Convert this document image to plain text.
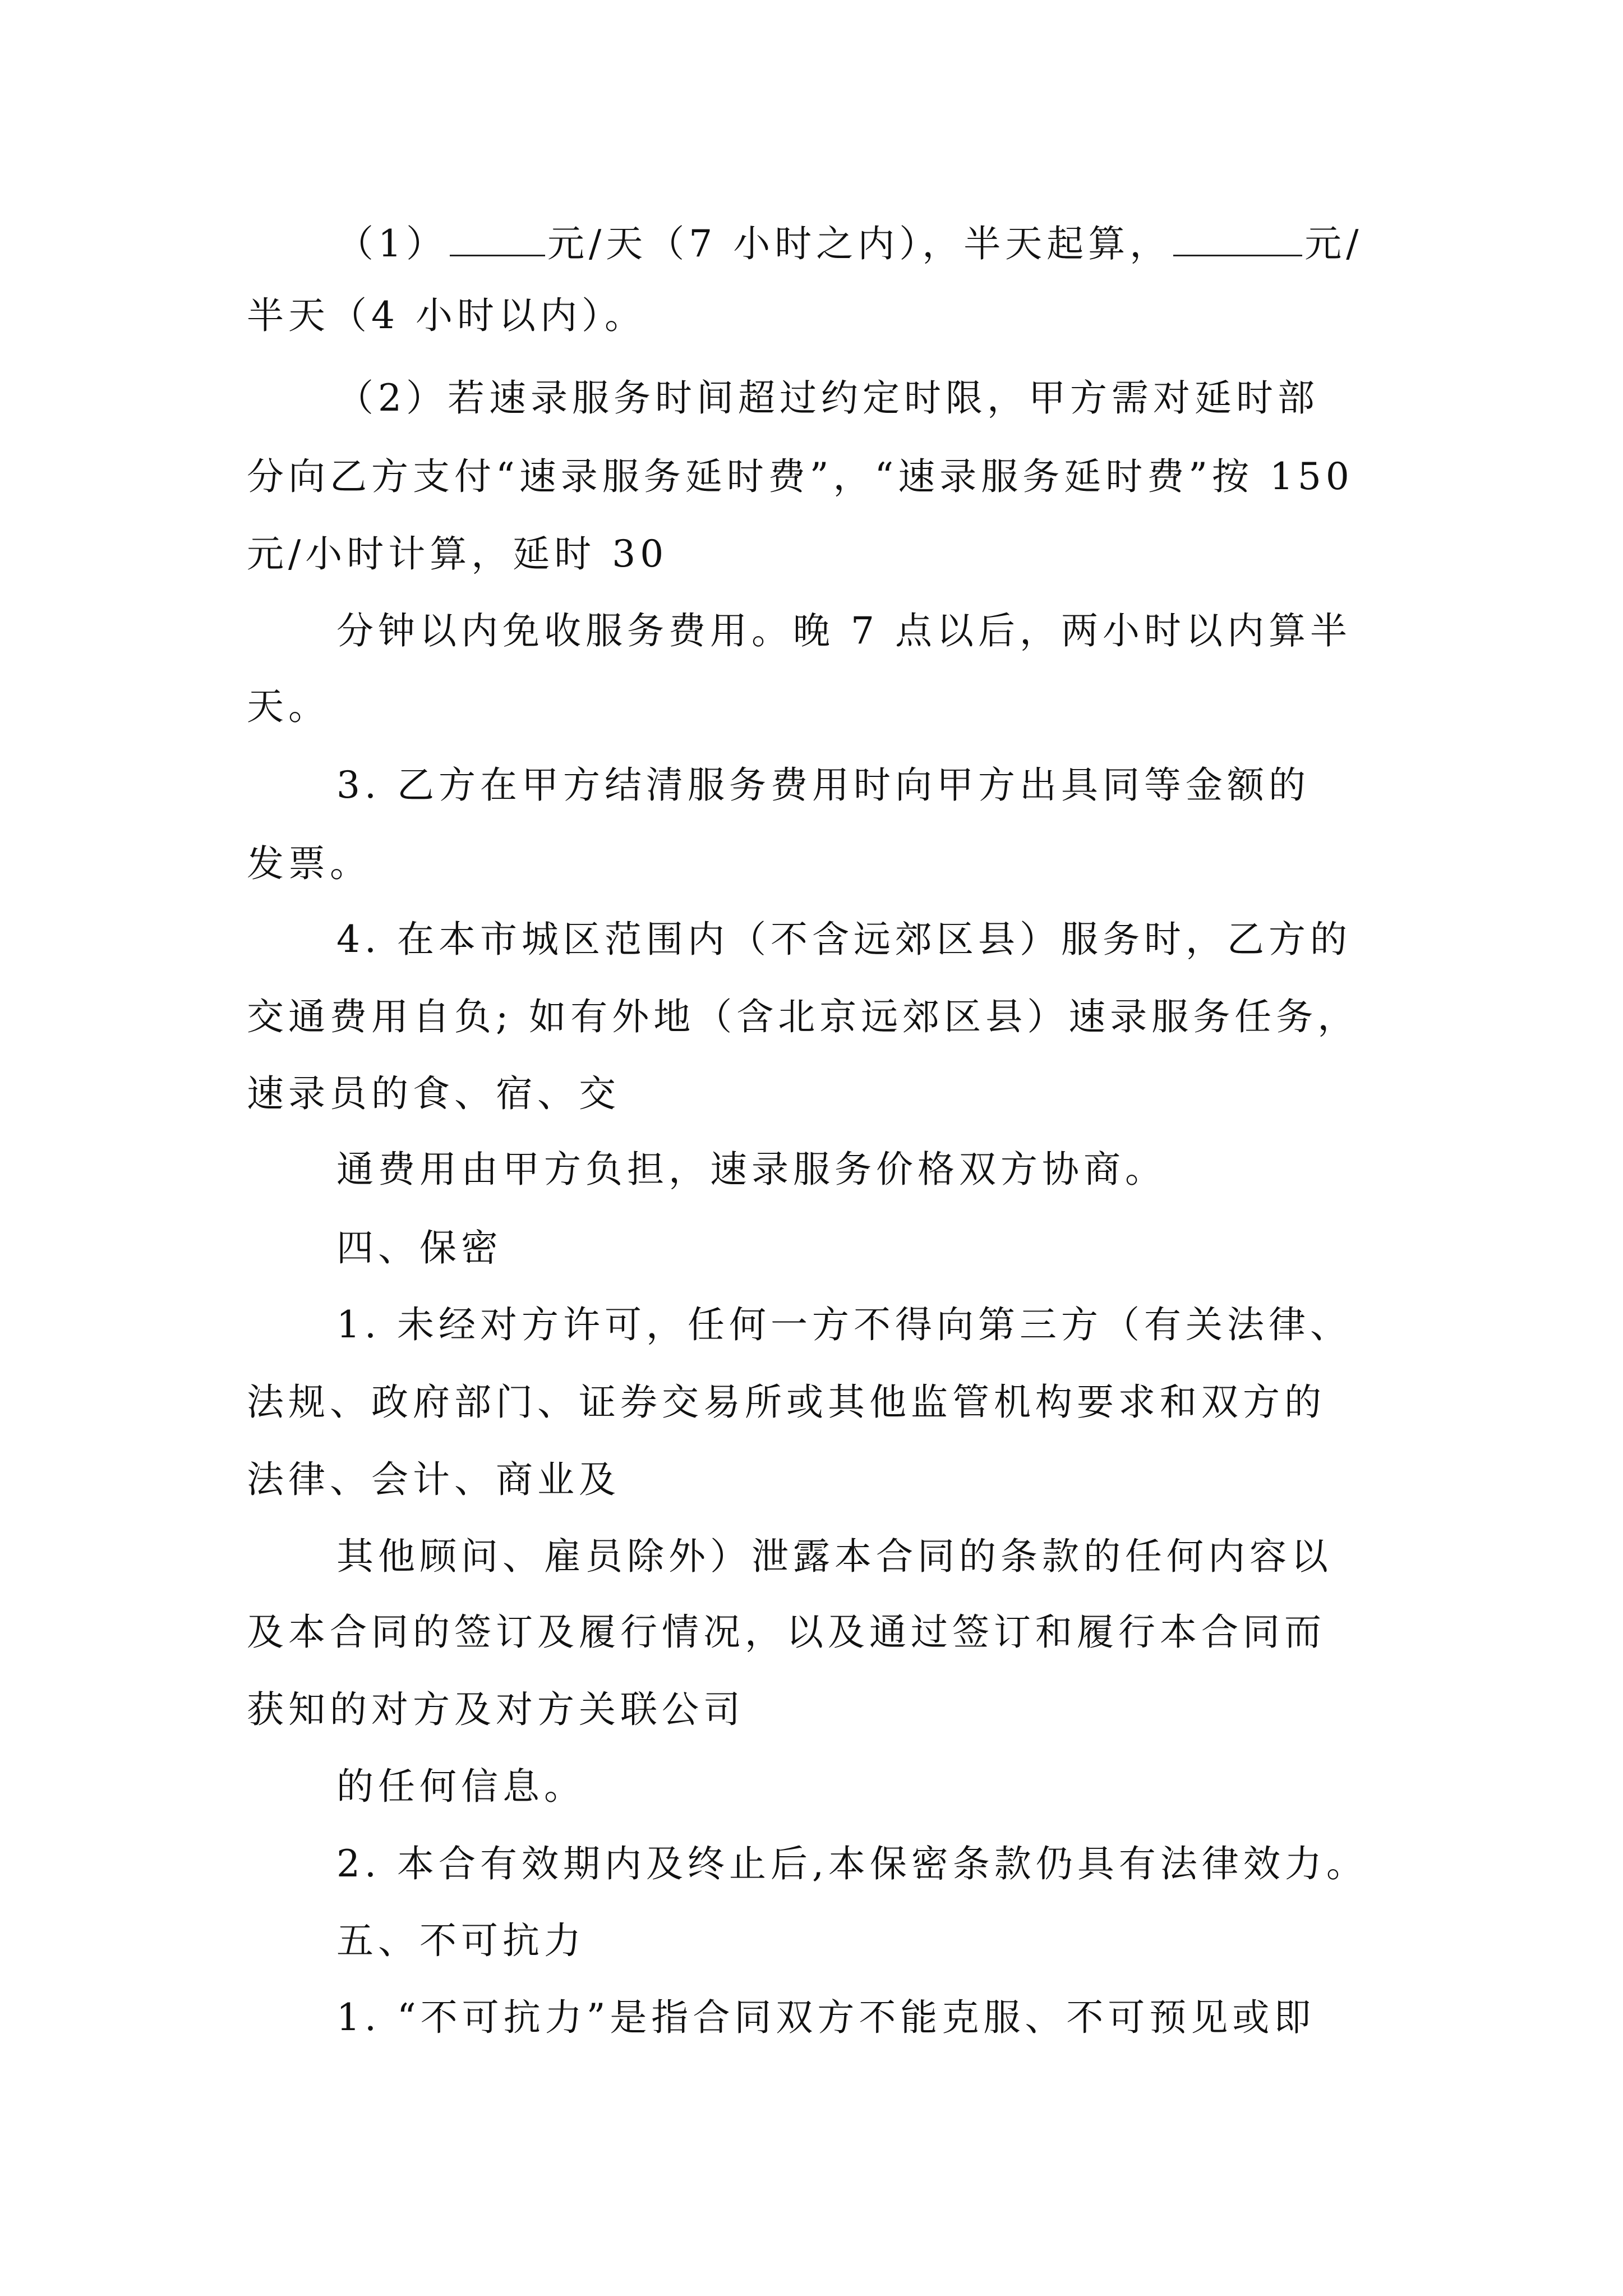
（1）	元/天（7 小时之内），半天起算，	元/

半天（4 小时以内）。

（2）若速录服务时间超过约定时限，甲方需对延时部

分向乙方支付“速录服务延时费”，“速录服务延时费”按 150

元/小时计算，延时 30

分钟以内免收服务费用。晚 7 点以后，两小时以内算半

天。

3. 乙方在甲方结清服务费用时向甲方出具同等金额的

发票。

4. 在本市城区范围内（不含远郊区县）服务时，乙方的

交通费用自负; 如有外地（含北京远郊区县）速录服务任务，

速录员的食、宿、交

通费用由甲方负担，速录服务价格双方协商。

四、保密

1. 未经对方许可，任何一方不得向第三方（有关法律、

法规、政府部门、证券交易所或其他监管机构要求和双方的

法律、会计、商业及

其他顾问、雇员除外）泄露本合同的条款的任何内容以

及本合同的签订及履行情况，以及通过签订和履行本合同而

获知的对方及对方关联公司

的任何信息。

2. 本合有效期内及终止后,本保密条款仍具有法律效力。

五、不可抗力

1. “不可抗力”是指合同双方不能克服、不可预见或即
